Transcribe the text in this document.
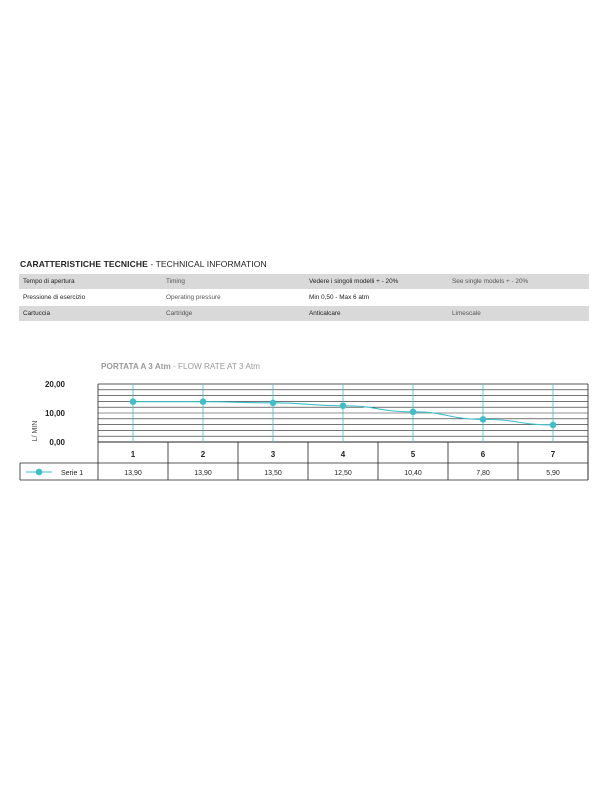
CARATTERISTICHE TECNICHE - TECHNICAL INFORMATION
Tempo di apertura	Timing	Vedere i singoli modelli + - 20%	See single models + - 20%
Pressione di esercizio	Operating pressure	Min 0,50 - Max 6 atm	
Cartuccia	Cartridge	Anticalcare	Limescale
PORTATA A 3 Atm - FLOW RATE AT 3 Atm
20,00
10,00
0,00
L/ MIN
1	2	3	4	5	6	7
Serie 1	13,90	13,90	13,50	12,50	10,40	7,80	5,90
